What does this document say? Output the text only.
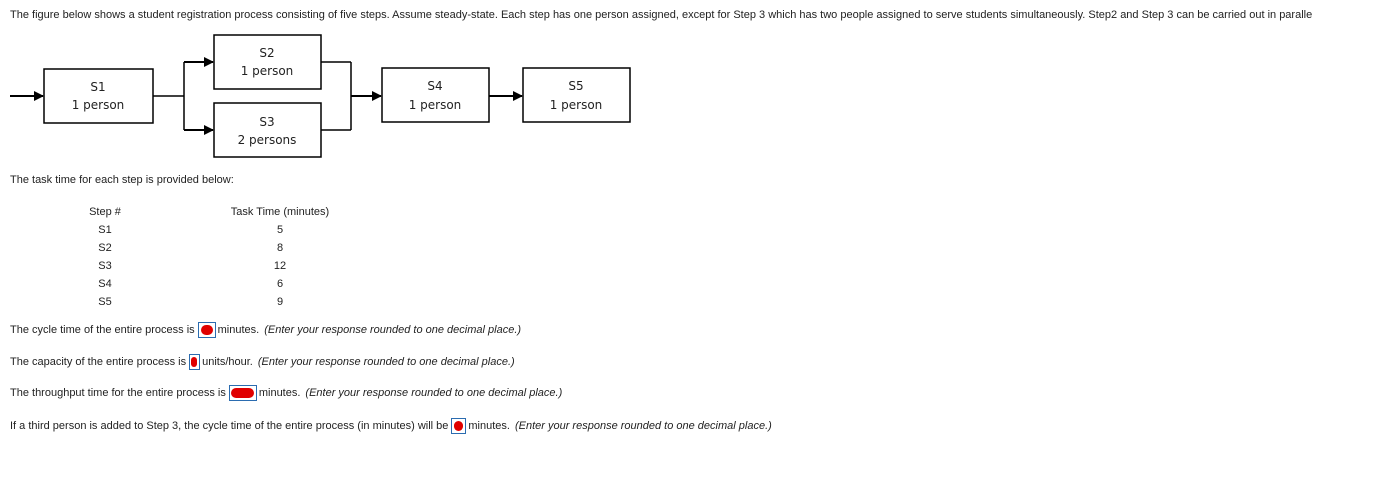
The figure below shows a student registration process consisting of five steps. Assume steady-state. Each step has one person assigned, except for Step 3 which has two people assigned to serve students simultaneously. Step2 and Step 3 can be carried out in paralle
S1
1 person
S2
1 person
S3
2 persons
S4
1 person
S5
1 person
The task time for each step is provided below:
Step #
S1
S2
S3
S4
S5
Task Time (minutes)
5
8
12
6
9
The cycle time of the entire process is minutes. (Enter your response rounded to one decimal place.)
The capacity of the entire process is units/hour. (Enter your response rounded to one decimal place.)
The throughput time for the entire process is	minutes. (Enter your response rounded to one decimal place.)
If a third person is added to Step 3, the cycle time of the entire process (in minutes) will be minutes. (Enter your response rounded to one decimal place.)
